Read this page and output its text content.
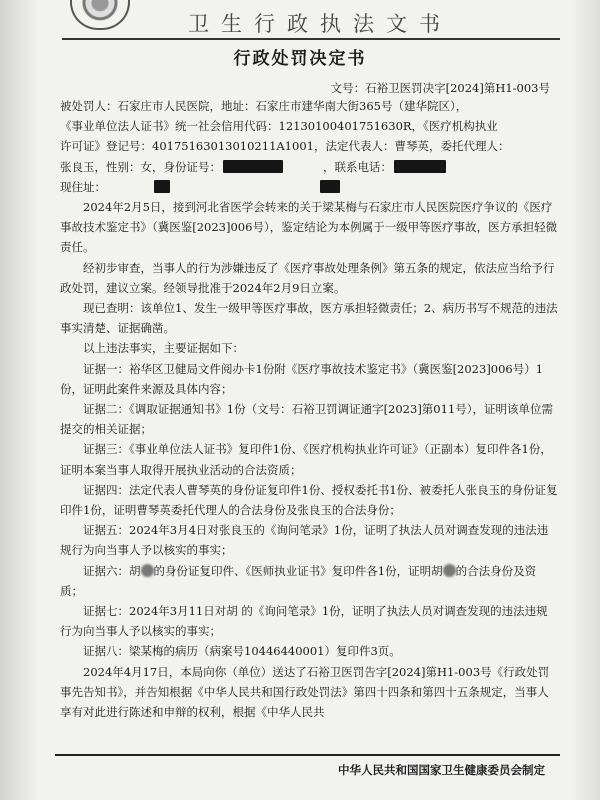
卫生行政执法文书
行政处罚决定书
文号：石裕卫医罚决字[2024]第H1-003号

被处罚人：石家庄市人民医院，地址：石家庄市建华南大街365号（建华院区），

《事业单位法人证书》统一社会信用代码：12130100401751630R，《医疗机构执业

许可证》登记号：40175163013010211A1001，法定代表人：曹琴英，委托代理人：

张良玉，性别：女，身份证号：	，联系电话：

现住址：

2024年2月5日，接到河北省医学会转来的关于梁某梅与石家庄市人民医院医疗争议的《医疗事故技术鉴定书》（冀医鉴[2023]006号），鉴定结论为本例属于一级甲等医疗事故，医方承担轻微责任。

经初步审查，当事人的行为涉嫌违反了《医疗事故处理条例》第五条的规定，依法应当给予行政处罚，建议立案。经领导批准于2024年2月9日立案。

现已查明：该单位1、发生一级甲等医疗事故，医方承担轻微责任；2、病历书写不规范的违法事实清楚、证据确凿。

以上违法事实，主要证据如下：

证据一：裕华区卫健局文件阅办卡1份附《医疗事故技术鉴定书》（冀医鉴[2023]006号）1份，证明此案件来源及具体内容；

证据二：《调取证据通知书》1份（文号：石裕卫罚调证通字[2023]第011号），证明该单位需提交的相关证据；

证据三：《事业单位法人证书》复印件1份、《医疗机构执业许可证》（正副本）复印件各1份，证明本案当事人取得开展执业活动的合法资质；

证据四：法定代表人曹琴英的身份证复印件1份、授权委托书1份、被委托人张良玉的身份证复印件1份，证明曹琴英委托代理人的合法身份及张良玉的合法身份；

证据五：2024年3月4日对张良玉的《询问笔录》1份，证明了执法人员对调查发现的违法违规行为向当事人予以核实的事实；

证据六：胡 的身份证复印件、《医师执业证书》复印件各1份，证明胡 的合法身份及资质；

证据七：2024年3月11日对胡 的《询问笔录》1份，证明了执法人员对调查发现的违法违规行为向当事人予以核实的事实；

证据八：梁某梅的病历（病案号10446440001）复印件3页。

2024年4月17日，本局向你（单位）送达了石裕卫医罚告字[2024]第H1-003号《行政处罚事先告知书》，并告知根据《中华人民共和国行政处罚法》第四十四条和第四十五条规定，当事人享有对此进行陈述和申辩的权利，根据《中华人民共

中华人民共和国国家卫生健康委员会制定
